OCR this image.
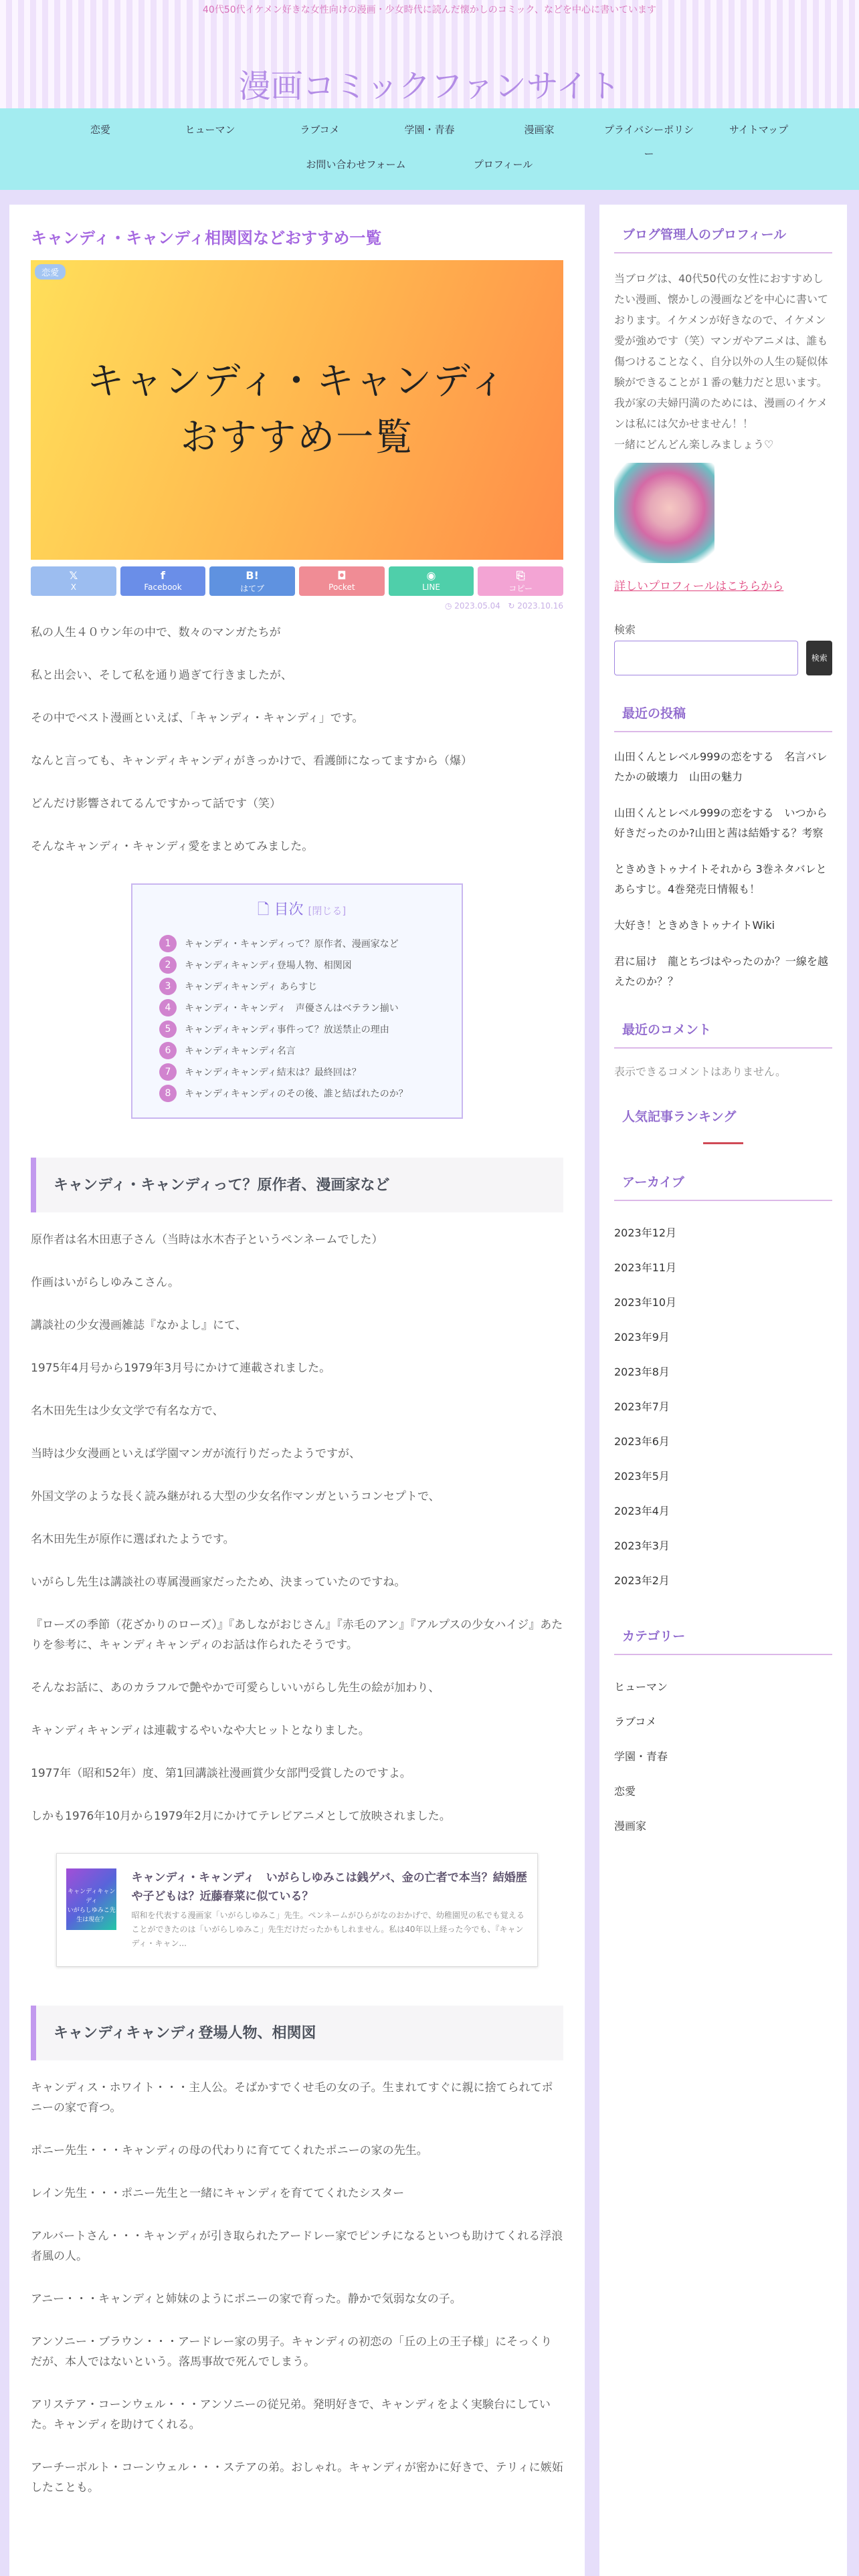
40代50代イケメン好きな女性向けの漫画・少女時代に読んだ懐かしのコミック、などを中心に書いています
漫画コミックファンサイト
恋愛	ヒューマン	ラブコメ	学園・青春	漫画家	プライバシーポリシー
サイトマップ
お問い合わせフォーム	プロフィール
キャンディ・キャンディ相関図などおすすめ一覧
恋愛
キャンディ・キャンディ
おすすめ一覧
𝕏
X
f
Facebook
B!
はてブ
◘
Pocket
◉
LINE
⎘
コピー
◷ 2023.05.04 ↻ 2023.10.16

私の人生４０ウン年の中で、数々のマンガたちが

私と出会い、そして私を通り過ぎて行きましたが、

その中でベスト漫画といえば、「キャンディ・キャンディ」です。

なんと言っても、キャンディキャンディがきっかけで、看護師になってますから（爆）

どんだけ影響されてるんですかって話です（笑）

そんなキャンディ・キャンディ愛をまとめてみました。

🗋 目次 [閉じる]
1	キャンディ・キャンディって？原作者、漫画家など
2	キャンディキャンディ登場人物、相関図
3	キャンディキャンディ あらすじ
4	キャンディ・キャンディ　声優さんはベテラン揃い
5	キャンディキャンディ事件って？放送禁止の理由
6	キャンディキャンディ名言
7	キャンディキャンディ結末は？最終回は？
8	キャンディキャンディのその後、誰と結ばれたのか？
キャンディ・キャンディって？原作者、漫画家など

原作者は名木田恵子さん（当時は水木杏子というペンネームでした）

作画はいがらしゆみこさん。

講談社の少女漫画雑誌『なかよし』にて、

1975年4月号から1979年3月号にかけて連載されました。

名木田先生は少女文学で有名な方で、

当時は少女漫画といえば学園マンガが流行りだったようですが、

外国文学のような長く読み継がれる大型の少女名作マンガというコンセプトで、

名木田先生が原作に選ばれたようです。

いがらし先生は講談社の専属漫画家だったため、決まっていたのですね。

『ローズの季節（花ざかりのローズ）』『あしながおじさん』『赤毛のアン』『アルプスの少女ハイジ』あたりを参考に、キャンディキャンディのお話は作られたそうです。

そんなお話に、あのカラフルで艶やかで可愛らしいいがらし先生の絵が加わり、

キャンディキャンディは連載するやいなや大ヒットとなりました。

1977年（昭和52年）度、第1回講談社漫画賞少女部門受賞したのですよ。

しかも1976年10月から1979年2月にかけてテレビアニメとして放映されました。

キャンディキャンディ
いがらしゆみこ先生は現在？
キャンディ・キャンディ　いがらしゆみこは銭ゲバ、金の亡者で本当？結婚歴や子どもは？近藤春菜に似ている？
昭和を代表する漫画家「いがらしゆみこ」先生。ペンネームがひらがなのおかげで、幼稚園児の私でも覚えることができたのは「いがらしゆみこ」先生だけだったかもしれません。私は40年以上経った今でも、『キャンディ・キャン...
キャンディキャンディ登場人物、相関図

キャンディス・ホワイト・・・主人公。そばかすでくせ毛の女の子。生まれてすぐに親に捨てられてポニーの家で育つ。

ポニー先生・・・キャンディの母の代わりに育ててくれたポニーの家の先生。

レイン先生・・・ポニー先生と一緒にキャンディを育ててくれたシスター

アルバートさん・・・キャンディが引き取られたアードレー家でピンチになるといつも助けてくれる浮浪者風の人。

アニー・・・キャンディと姉妹のようにポニーの家で育った。静かで気弱な女の子。

アンソニー・ブラウン・・・アードレー家の男子。キャンディの初恋の「丘の上の王子様」にそっくりだが、本人ではないという。落馬事故で死んでしまう。

アリステア・コーンウェル・・・アンソニーの従兄弟。発明好きで、キャンディをよく実験台にしていた。キャンディを助けてくれる。

アーチーボルト・コーンウェル・・・ステアの弟。おしゃれ。キャンディが密かに好きで、テリィに嫉妬したことも。

ブログ管理人のプロフィール
当ブログは、40代50代の女性におすすめしたい漫画、懐かしの漫画などを中心に書いております。イケメンが好きなので、イケメン愛が強めです（笑）マンガやアニメは、誰も傷つけることなく、自分以外の人生の疑似体験ができることが１番の魅力だと思います。我が家の夫婦円満のためには、漫画のイケメンは私には欠かせません！！
一緒にどんどん楽しみましょう♡
詳しいプロフィールはこちらから
検索
検索
最近の投稿
山田くんとレベル999の恋をする　名言バレたかの破壊力　山田の魅力
山田くんとレベル999の恋をする　いつから好きだったのか?山田と茜は結婚する？考察
ときめきトゥナイトそれから 3巻ネタバレとあらすじ。4巻発売日情報も！
大好き！ときめきトゥナイトWiki
君に届け　龍とちづはやったのか？一線を越えたのか？？
最近のコメント
表示できるコメントはありません。
人気記事ランキング
アーカイブ
2023年12月
2023年11月
2023年10月
2023年9月
2023年8月
2023年7月
2023年6月
2023年5月
2023年4月
2023年3月
2023年2月
カテゴリー
ヒューマン
ラブコメ
学園・青春
恋愛
漫画家
